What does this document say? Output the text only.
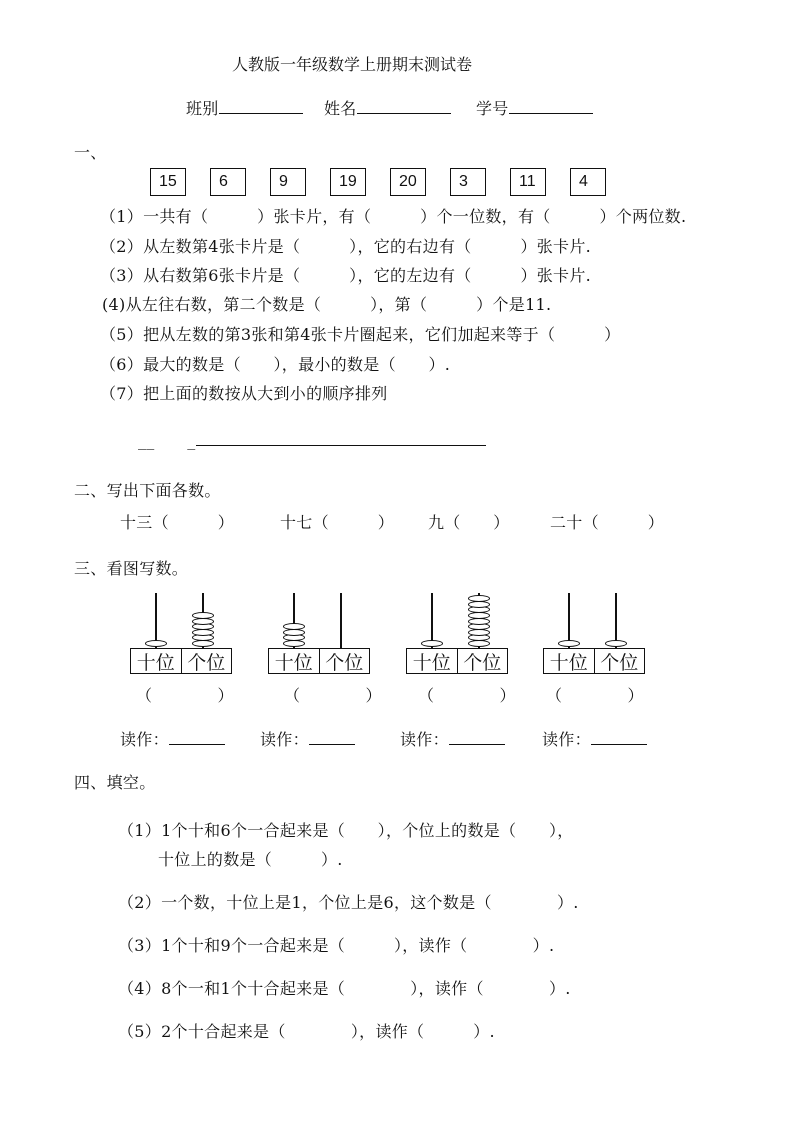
人教版一年级数学上册期末测试卷
班别	姓名	学号
一、
15	6	9	19	20	3	11	4
（1）一共有（　　　）张卡片，有（　　　）个一位数，有（　　　）个两位数.
（2）从左数第4张卡片是（　　　），它的右边有（　　　）张卡片.
（3）从右数第6张卡片是（　　　），它的左边有（　　　）张卡片.
(4)从左往右数，第二个数是（　　　），第（　　　）个是11.
（5）把从左数的第3张和第4张卡片圈起来，它们加起来等于（　　　）
（6）最大的数是（　　），最小的数是（　　）.
（7）把上面的数按从大到小的顺序排列
__　　_
二、写出下面各数。
十三（　　　）	十七（　　　） 九（　　）	二十（　　　）
三、看图写数。
十位 个位	十位 个位	十位 个位	十位 个位
（　　　　）	（　　　　） （　　　　） （　　　　）
读作：	读作：	读作：	读作：
四、填空。
（1）1个十和6个一合起来是（　　），个位上的数是（　　），
十位上的数是（　　　）.
（2）一个数，十位上是1，个位上是6，这个数是（　　　　）.
（3）1个十和9个一合起来是（　　　），读作（　　　　）.
（4）8个一和1个十合起来是（　　　　），读作（　　　　）.
（5）2个十合起来是（　　　　），读作（　　　）.
